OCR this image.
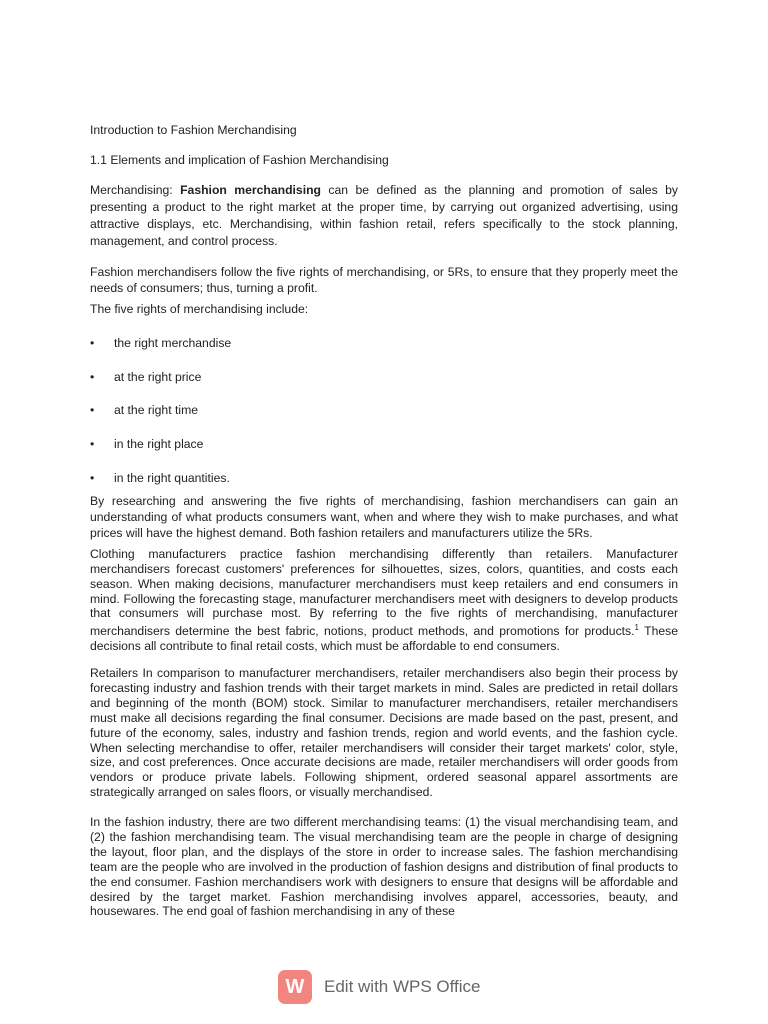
Introduction to Fashion Merchandising

1.1 Elements and implication of Fashion Merchandising

Merchandising: Fashion merchandising can be defined as the planning and promotion of sales by presenting a product to the right market at the proper time, by carrying out organized advertising, using attractive displays, etc. Merchandising, within fashion retail, refers specifically to the stock planning, management, and control process.

Fashion merchandisers follow the five rights of merchandising, or 5Rs, to ensure that they properly meet the needs of consumers; thus, turning a profit.

The five rights of merchandising include:

• the right merchandise
• at the right price
• at the right time
• in the right place
• in the right quantities.

By researching and answering the five rights of merchandising, fashion merchandisers can gain an understanding of what products consumers want, when and where they wish to make purchases, and what prices will have the highest demand. Both fashion retailers and manufacturers utilize the 5Rs.

Clothing manufacturers practice fashion merchandising differently than retailers. Manufacturer merchandisers forecast customers' preferences for silhouettes, sizes, colors, quantities, and costs each season. When making decisions, manufacturer merchandisers must keep retailers and end consumers in mind. Following the forecasting stage, manufacturer merchandisers meet with designers to develop products that consumers will purchase most. By referring to the five rights of merchandising, manufacturer merchandisers determine the best fabric, notions, product methods, and promotions for products.$^1$ These decisions all contribute to final retail costs, which must be affordable to end consumers.

Retailers In comparison to manufacturer merchandisers, retailer merchandisers also begin their process by forecasting industry and fashion trends with their target markets in mind. Sales are predicted in retail dollars and beginning of the month (BOM) stock. Similar to manufacturer merchandisers, retailer merchandisers must make all decisions regarding the final consumer. Decisions are made based on the past, present, and future of the economy, sales, industry and fashion trends, region and world events, and the fashion cycle. When selecting merchandise to offer, retailer merchandisers will consider their target markets' color, style, size, and cost preferences. Once accurate decisions are made, retailer merchandisers will order goods from vendors or produce private labels. Following shipment, ordered seasonal apparel assortments are strategically arranged on sales floors, or visually merchandised.

In the fashion industry, there are two different merchandising teams: (1) the visual merchandising team, and (2) the fashion merchandising team. The visual merchandising team are the people in charge of designing the layout, floor plan, and the displays of the store in order to increase sales. The fashion merchandising team are the people who are involved in the production of fashion designs and distribution of final products to the end consumer. Fashion merchandisers work with designers to ensure that designs will be affordable and desired by the target market. Fashion merchandising involves apparel, accessories, beauty, and housewares. The end goal of fashion merchandising in any of these

W	Edit with WPS Office
